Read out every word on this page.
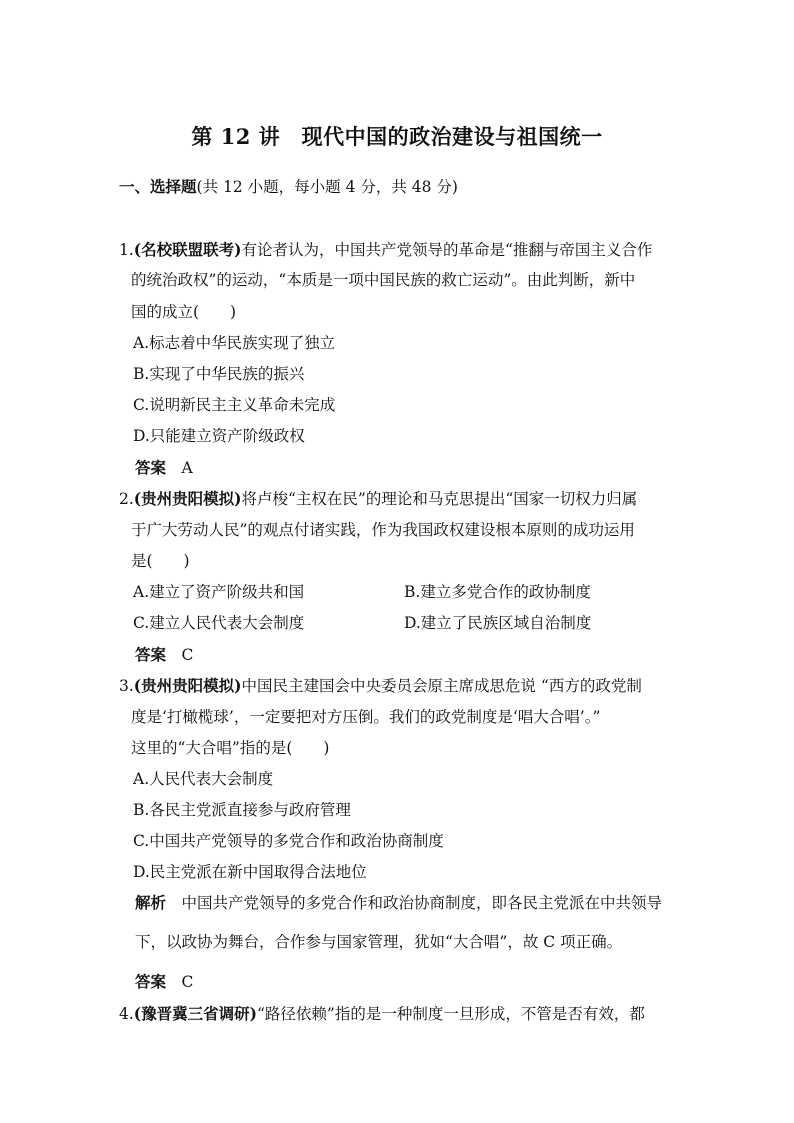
第 12 讲　现代中国的政治建设与祖国统一
一、选择题(共 12 小题，每小题 4 分，共 48 分)
1.(名校联盟联考)有论者认为，中国共产党领导的革命是“推翻与帝国主义合作
的统治政权”的运动，“本质是一项中国民族的救亡运动”。由此判断，新中
国的成立(　　)
A.标志着中华民族实现了独立
B.实现了中华民族的振兴
C.说明新民主主义革命未完成
D.只能建立资产阶级政权
答案　 A
2.(贵州贵阳模拟)将卢梭“主权在民”的理论和马克思提出“国家一切权力归属
于广大劳动人民”的观点付诸实践，作为我国政权建设根本原则的成功运用
是(　　)
A.建立了资产阶级共和国	B.建立多党合作的政协制度
C.建立人民代表大会制度	D.建立了民族区域自治制度
答案　 C
3.(贵州贵阳模拟)中国民主建国会中央委员会原主席成思危说 “西方的政党制
度是‘打橄榄球’，一定要把对方压倒。我们的政党制度是‘唱大合唱’。”
这里的“大合唱”指的是(　　)
A.人民代表大会制度
B.各民主党派直接参与政府管理
C.中国共产党领导的多党合作和政治协商制度
D.民主党派在新中国取得合法地位
解析　 中国共产党领导的多党合作和政治协商制度，即各民主党派在中共领导
下，以政协为舞台，合作参与国家管理，犹如“大合唱”，故 C 项正确。
答案　 C
4.(豫晋冀三省调研)“路径依赖”指的是一种制度一旦形成，不管是否有效，都
